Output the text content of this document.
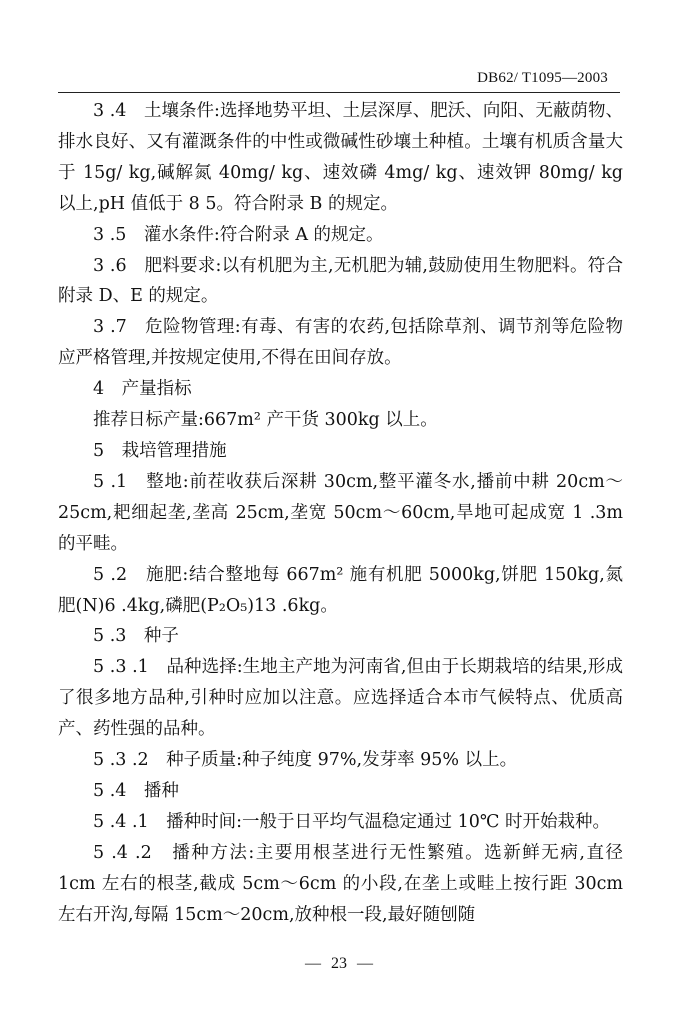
DB62/ T1095—2003

3 .4　土壤条件:选择地势平坦、土层深厚、肥沃、向阳、无蔽荫物、排水良好、又有灌溉条件的中性或微碱性砂壤土种植。土壤有机质含量大于 15g/ kg,碱解氮 40mg/ kg、速效磷 4mg/ kg、速效钾 80mg/ kg 以上,pH 值低于 8 5。符合附录 B 的规定。

3 .5　灌水条件:符合附录 A 的规定。

3 .6　肥料要求:以有机肥为主,无机肥为辅,鼓励使用生物肥料。符合附录 D、E 的规定。

3 .7　危险物管理:有毒、有害的农药,包括除草剂、调节剂等危险物应严格管理,并按规定使用,不得在田间存放。

4　产量指标

推荐日标产量:667m² 产干货 300kg 以上。

5　栽培管理措施

5 .1　整地:前茬收获后深耕 30cm,整平灌冬水,播前中耕 20cm～25cm,耙细起垄,垄高 25cm,垄宽 50cm～60cm,旱地可起成宽 1 .3m 的平畦。

5 .2　施肥:结合整地每 667m² 施有机肥 5000kg,饼肥 150kg,氮肥(N)6 .4kg,磷肥(P₂O₅)13 .6kg。

5 .3　种子

5 .3 .1　品种选择:生地主产地为河南省,但由于长期栽培的结果,形成了很多地方品种,引种时应加以注意。应选择适合本市气候特点、优质高产、药性强的品种。

5 .3 .2　种子质量:种子纯度 97%,发芽率 95% 以上。

5 .4　播种

5 .4 .1　播种时间:一般于日平均气温稳定通过 10℃ 时开始栽种。

5 .4 .2　播种方法:主要用根茎进行无性繁殖。选新鲜无病,直径 1cm 左右的根茎,截成 5cm～6cm 的小段,在垄上或畦上按行距 30cm 左右开沟,每隔 15cm～20cm,放种根一段,最好随刨随

— 23 —
